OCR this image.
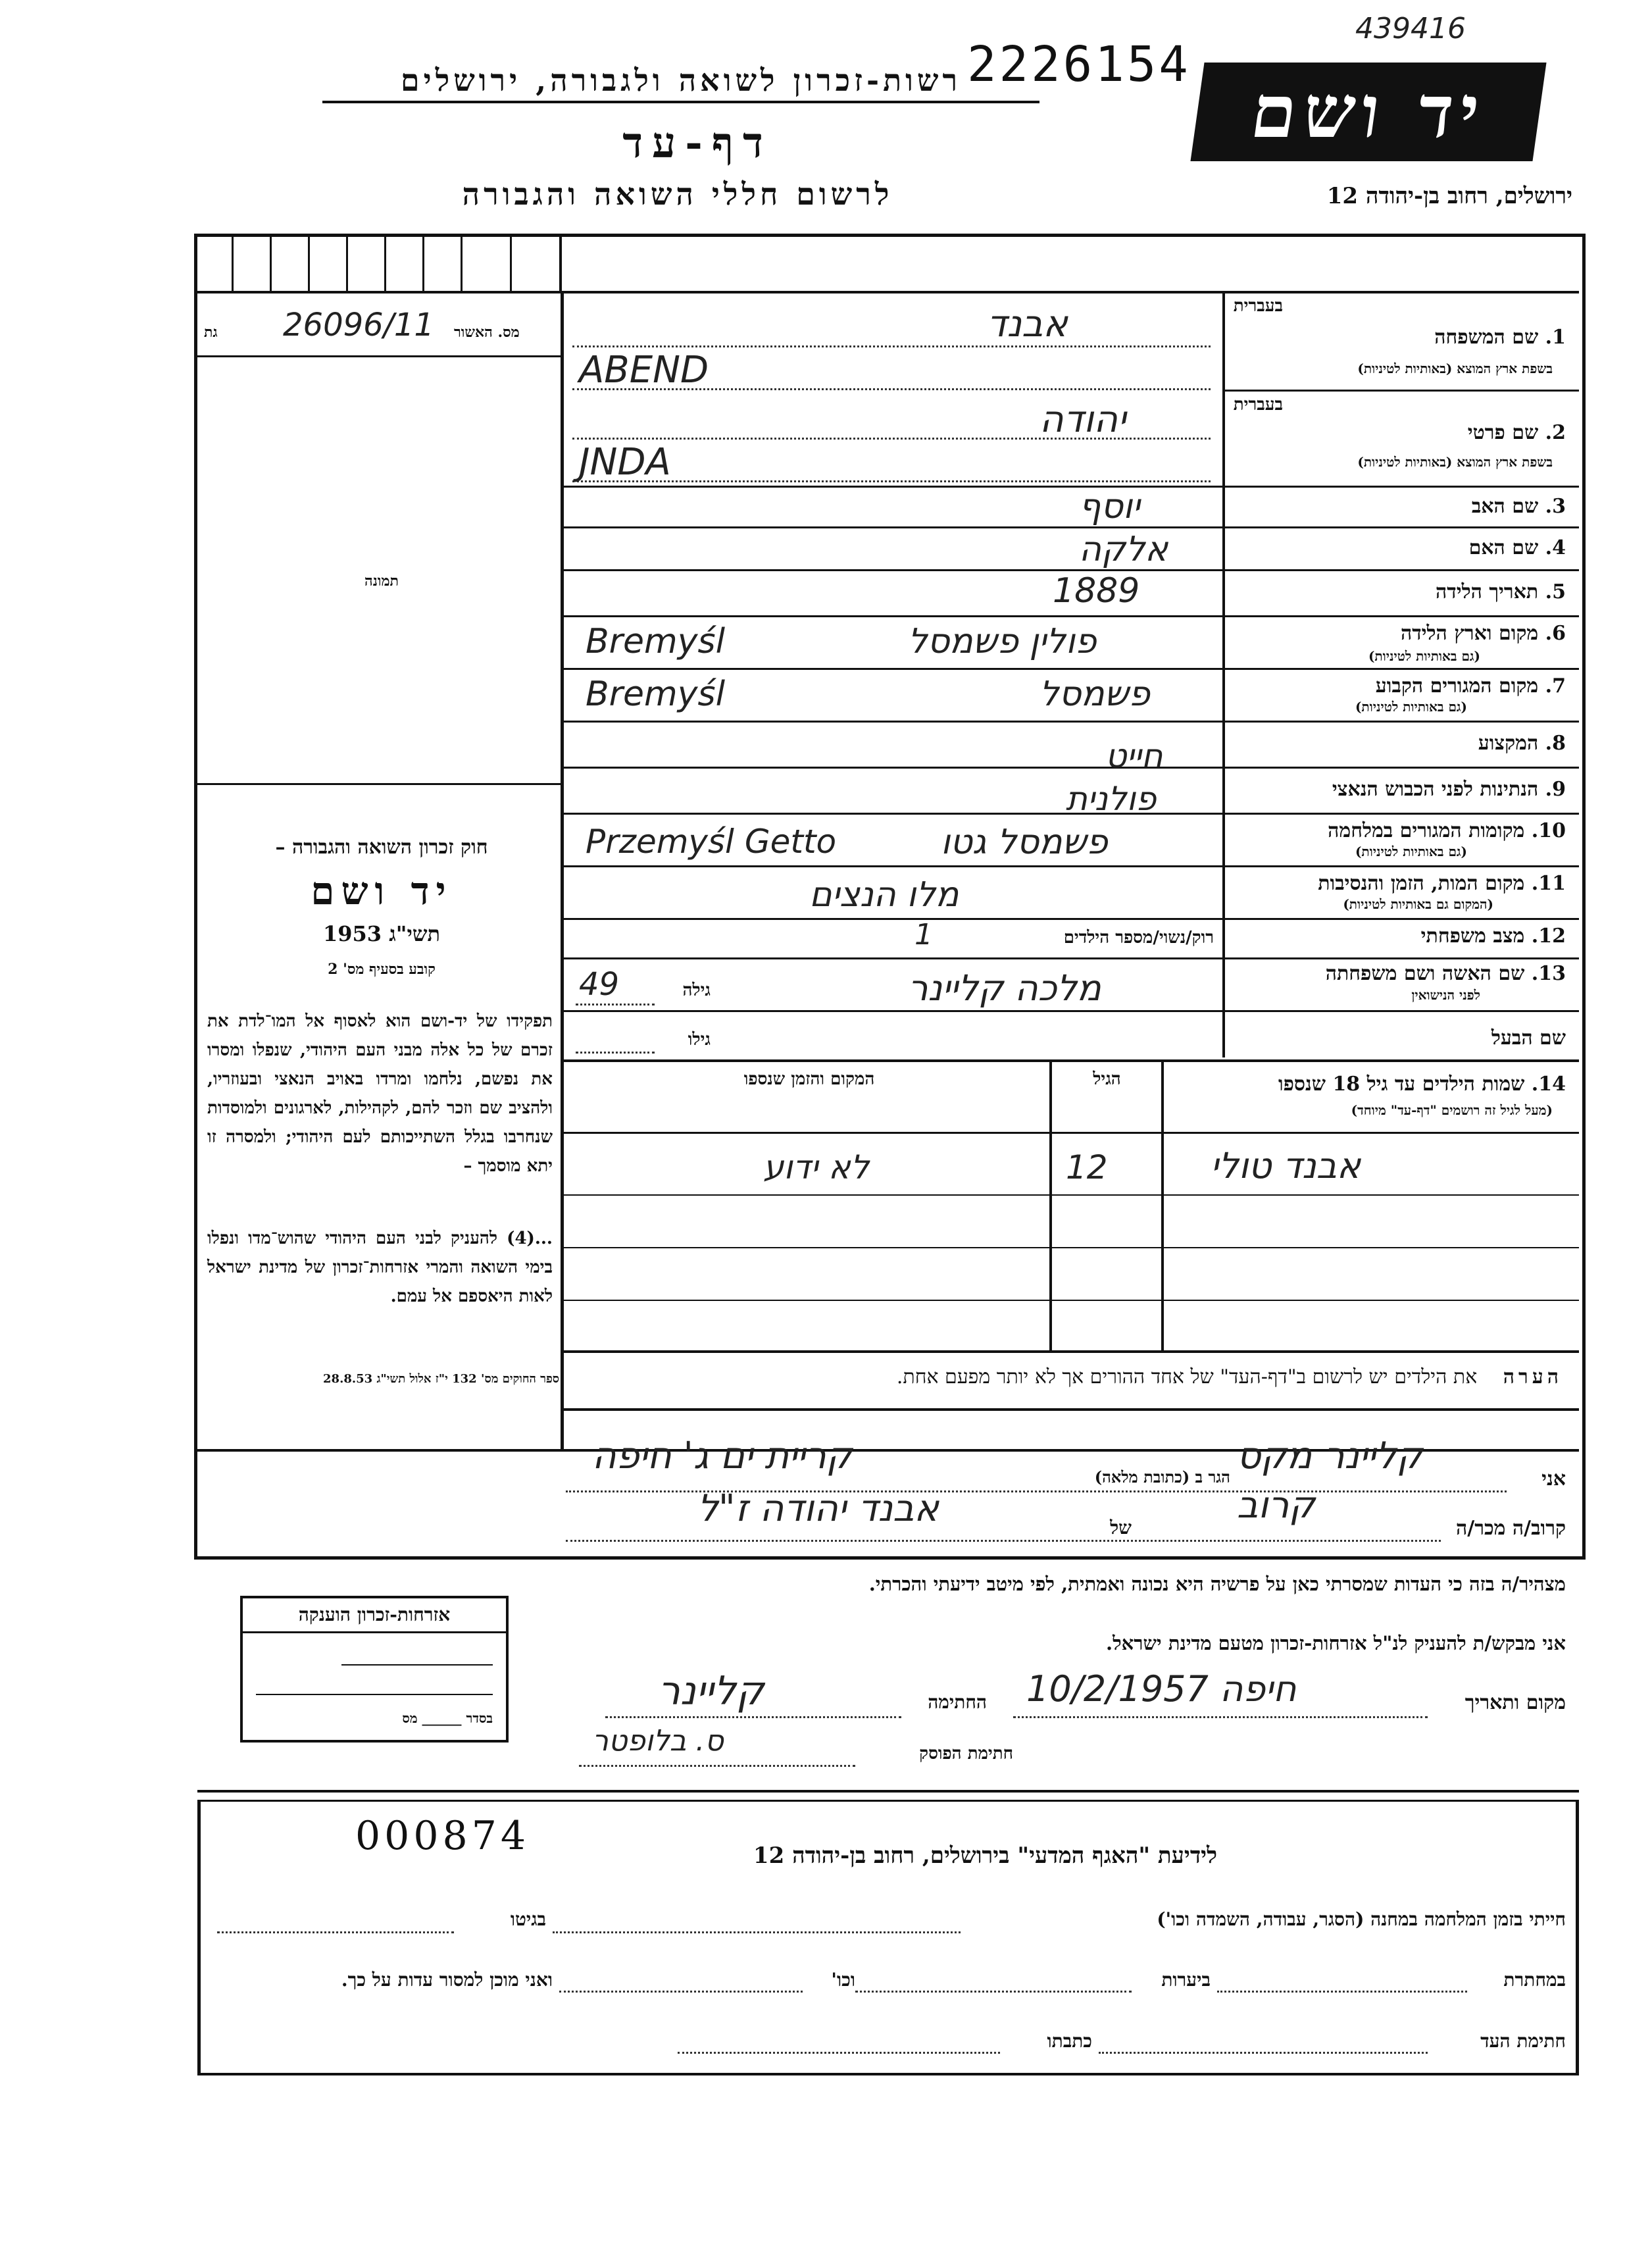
439416
2226154
רשות-זכרון לשואה ולגבורה, ירושלים
דף-עד
לרשום חללי השואה והגבורה	ירושלים, רחוב בן-יהודה 12
יד ושם
גת 26096/11 מס. האשור
תמונה
חוק זכרון השואה והגבורה –
יד ושם
תשי"ג 1953
קובע בסעיף מס' 2
תפקידו של יד-ושם הוא לאסוף אל המו־לדת את זכרם של כל אלה מבני העם היהודי, שנפלו ומסרו את נפשם, נלחמו ומרדו באויב הנאצי ובעוזריו, ולהציב שם וזכר להם, לקהילות, לארגונים ולמוסדות שנחרבו בגלל השתייכותם לעם היהודי; ולמסרה זו יתא מוסמך –
...(4) להעניק לבני העם היהודי שהוש־מדו ונפלו בימי השואה והמרי אזרחות־זכרון של מדינת ישראל לאות היאספם אל עמם.
ספר החוקים מס' 132 י"ז אלול תשי"ג 28.8.53
אזרחות-זכרון הוענקה
בסדר ______ מס
בעברית
1. שם המשפחה
בשפת ארץ המוצא (באותיות לטיניות)
אבנד
ABEND
בעברית
2. שם פרטי
בשפת ארץ המוצא (באותיות לטיניות)
יהודה
JNDA
3. שם האב
יוסף
4. שם האם
אלקה
5. תאריך הלידה
1889
6. מקום וארץ הלידה
(גם באותיות לטיניות)
פולין פשמסל
Bremyśl
7. מקום המגורים הקבוע
(גם באותיות לטיניות)
פשמסל
Bremyśl
8. המקצוע
חייט
9. הנתינות לפני הכבוש הנאצי
פולנית
10. מקומות המגורים במלחמה
(גם באותיות לטיניות)
פשמסל גטו
Przemyśl Getto
11. מקום המות, הזמן והנסיבות
(המקום גם באותיות לטיניות)
מלו הנצים
12. מצב משפחתי
רוק/נשוי/מספר הילדים
1
13. שם האשה ושם משפחתה
לפני הנישואין
מלכה קליינר
גילה
49
שם הבעל
גילו
14. שמות הילדים עד גיל 18 שנספו
(מעל לגיל זה רושמים "דף-עד" מיוחד)
הגיל
המקום והזמן שנספו
אבנד טולי
12
לא ידוע
הערה את הילדים יש לרשום ב"דף-העד" של אחד ההורים אך לא יותר מפעם אחת.
אני
קליינר מקס
הגר ב (כתובת מלאה)
קריית ים ג' חיפה
קרוב/ה מכר/ה
קרוב
של
אבנד יהודה ז"ל
מצהיר/ה בזה כי העדות שמסרתי כאן על פרשיה היא נכונה ואמתית, לפי מיטב ידיעתי והכרתי.
אני מבקש/ת להעניק לנ"ל אזרחות-זכרון מטעם מדינת ישראל.
מקום ותאריך
חיפה 10/2/1957
החתימה
קליינר
חתימת הפוסק
ס. בלופטר
000874	לידיעת "האגף המדעי" בירושלים, רחוב בן-יהודה 12
חייתי בזמן המלחמה במחנה (הסגר, עבודה, השמדה וכו')
בגיטו
במחתרת
ביערות
וכו'
ואני מוכן למסור עדות על כך.
חתימת העד
כתבתו
